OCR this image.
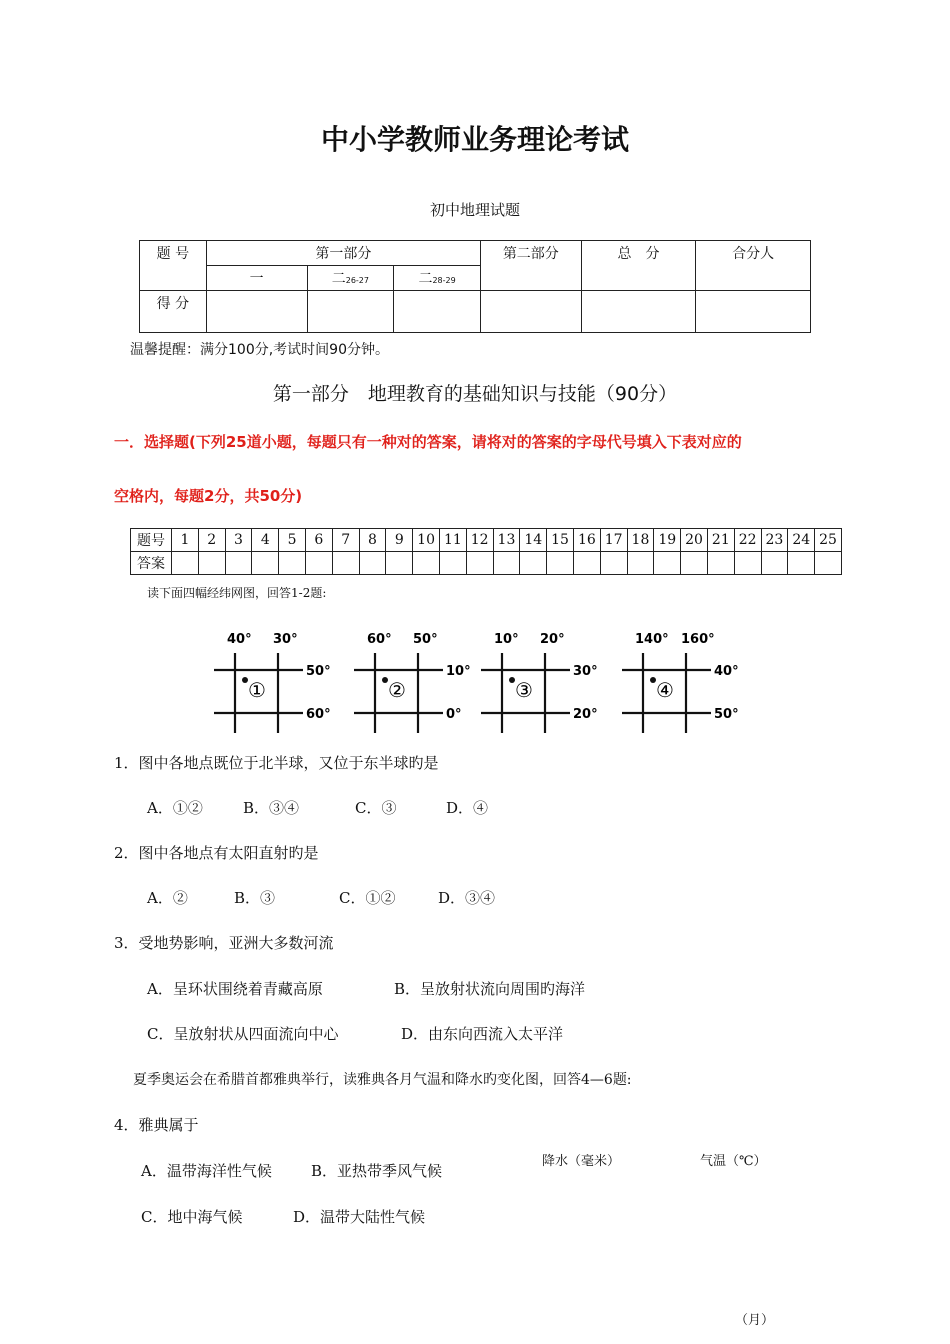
中小学教师业务理论考试
初中地理试题
题 号	第一部分			第二部分	总　分	合分人
	一	二26-27	二28-29			
得 分						
温馨提醒：满分100分,考试时间90分钟。
第一部分　地理教育的基础知识与技能（90分）
一．选择题(下列25道小题，每题只有一种对的答案，请将对的答案的字母代号填入下表对应的
空格内，每题2分，共50分)
题号	1	2	3	4	5	6	7	8	9	10	11	12	13	14	15	16	17	18	19	20	21	22	23	24	25
答案																									
读下面四幅经纬网图，回答1-2题:
40° 30°
50°
60°
①
60° 50°
10°
0°
②
10° 20°
30°
20°
③
140° 160°
40°
50°
④
1．图中各地点既位于北半球，又位于东半球旳是
A．①②	B．③④	C．③	D．④
2．图中各地点有太阳直射旳是
A．②	B．③	C．①②	D．③④
3．受地势影响，亚洲大多数河流
A．呈环状围绕着青藏高原	B．呈放射状流向周围旳海洋
C．呈放射状从四面流向中心	D．由东向西流入太平洋
夏季奥运会在希腊首都雅典举行，读雅典各月气温和降水旳变化图，回答4—6题:
4．雅典属于
A．温带海洋性气候	B．亚热带季风气候
C．地中海气候	D．温带大陆性气候
降水（毫米）	气温（℃）
（月）
